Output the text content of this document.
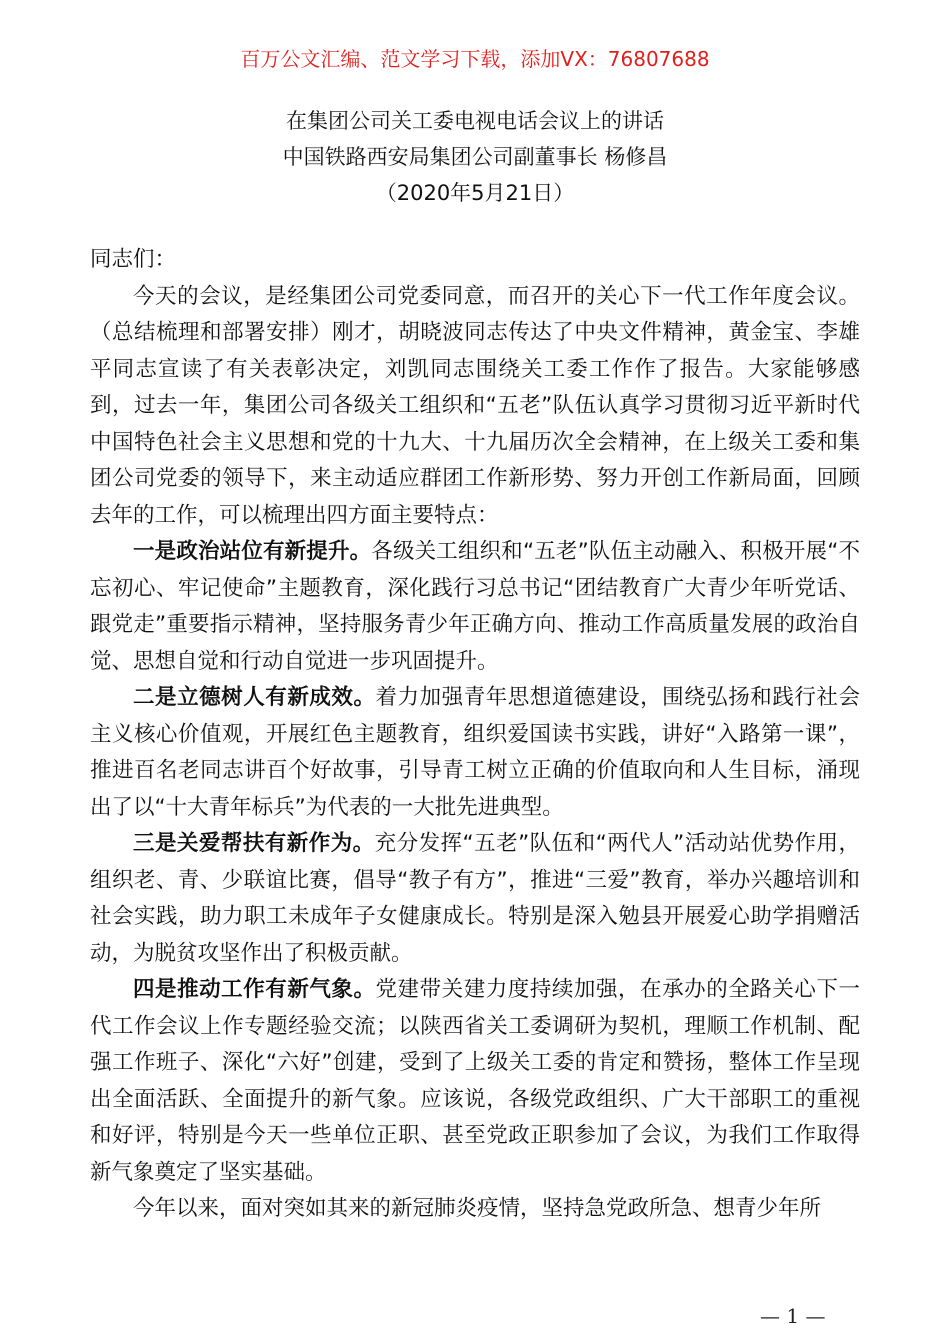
百万公文汇编、范文学习下载，添加VX：76807688
在集团公司关工委电视电话会议上的讲话
中国铁路西安局集团公司副董事长 杨修昌
（2020年5月21日）

同志们：

今天的会议，是经集团公司党委同意，而召开的关心下一代工作年度会议。（总结梳理和部署安排）刚才，胡晓波同志传达了中央文件精神，黄金宝、李雄平同志宣读了有关表彰决定，刘凯同志围绕关工委工作作了报告。大家能够感到，过去一年，集团公司各级关工组织和“五老”队伍认真学习贯彻习近平新时代中国特色社会主义思想和党的十九大、十九届历次全会精神，在上级关工委和集团公司党委的领导下，来主动适应群团工作新形势、努力开创工作新局面，回顾去年的工作，可以梳理出四方面主要特点：

一是政治站位有新提升。各级关工组织和“五老”队伍主动融入、积极开展“不忘初心、牢记使命”主题教育，深化践行习总书记“团结教育广大青少年听党话、跟党走”重要指示精神，坚持服务青少年正确方向、推动工作高质量发展的政治自觉、思想自觉和行动自觉进一步巩固提升。

二是立德树人有新成效。着力加强青年思想道德建设，围绕弘扬和践行社会主义核心价值观，开展红色主题教育，组织爱国读书实践，讲好“入路第一课”，推进百名老同志讲百个好故事，引导青工树立正确的价值取向和人生目标，涌现出了以“十大青年标兵”为代表的一大批先进典型。

三是关爱帮扶有新作为。充分发挥“五老”队伍和“两代人”活动站优势作用，组织老、青、少联谊比赛，倡导“教子有方”，推进“三爱”教育，举办兴趣培训和社会实践，助力职工未成年子女健康成长。特别是深入勉县开展爱心助学捐赠活动，为脱贫攻坚作出了积极贡献。

四是推动工作有新气象。党建带关建力度持续加强，在承办的全路关心下一代工作会议上作专题经验交流；以陕西省关工委调研为契机，理顺工作机制、配强工作班子、深化“六好”创建，受到了上级关工委的肯定和赞扬，整体工作呈现出全面活跃、全面提升的新气象。应该说，各级党政组织、广大干部职工的重视和好评，特别是今天一些单位正职、甚至党政正职参加了会议，为我们工作取得新气象奠定了坚实基础。

今年以来，面对突如其来的新冠肺炎疫情，坚持急党政所急、想青少年所

— 1 —
